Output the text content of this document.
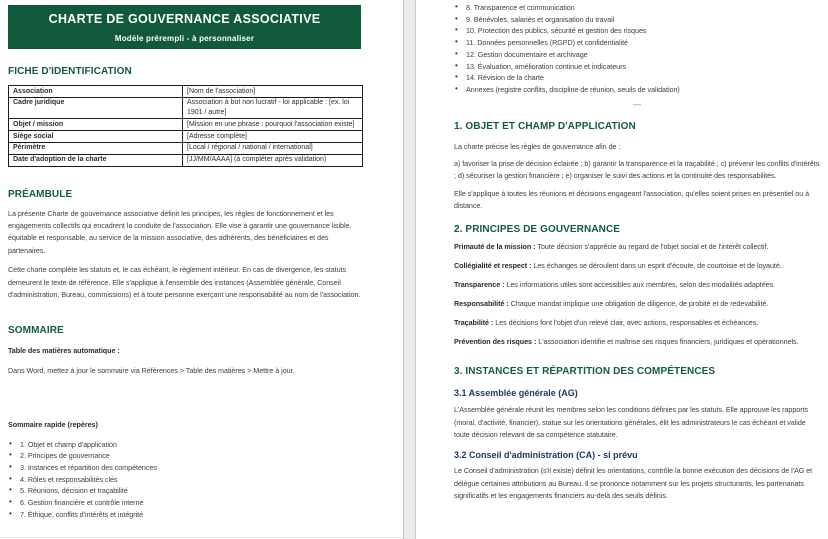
CHARTE DE GOUVERNANCE ASSOCIATIVE
Modèle prérempli - à personnaliser
FICHE D'IDENTIFICATION
Association	[Nom de l'association]
Cadre juridique	Association à but non lucratif - loi applicable : [ex. loi 1901 / autre]
Objet / mission	[Mission en une phrase : pourquoi l'association existe]
Siège social	[Adresse complète]
Périmètre	[Local / régional / national / international]
Date d'adoption de la charte	[JJ/MM/AAAA] (à compléter après validation)
PRÉAMBULE

La présente Charte de gouvernance associative définit les principes, les règles de fonctionnement et les engagements collectifs qui encadrent la conduite de l'association. Elle vise à garantir une gouvernance lisible, équitable et responsable, au service de la mission associative, des adhérents, des bénéficiaires et des partenaires.

Cette charte complète les statuts et, le cas échéant, le règlement intérieur. En cas de divergence, les statuts demeurent le texte de référence. Elle s'applique à l'ensemble des instances (Assemblée générale, Conseil d'administration, Bureau, commissions) et à toute personne exerçant une responsabilité au nom de l'association.

SOMMAIRE

Table des matières automatique :

Dans Word, mettez à jour le sommaire via Références > Table des matières > Mettre à jour.

Sommaire rapide (repères)

• 1. Objet et champ d'application
• 2. Principes de gouvernance
• 3. Instances et répartition des compétences
• 4. Rôles et responsabilités clés
• 5. Réunions, décision et traçabilité
• 6. Gestion financière et contrôle interne
• 7. Éthique, conflits d'intérêts et intégrité
• 8. Transparence et communication
• 9. Bénévoles, salariés et organisation du travail
• 10. Protection des publics, sécurité et gestion des risques
• 11. Données personnelles (RGPD) et confidentialité
• 12. Gestion documentaire et archivage
• 13. Évaluation, amélioration continue et indicateurs
• 14. Révision de la charte
• Annexes (registre conflits, discipline de réunion, seuils de validation)
—
1. OBJET ET CHAMP D'APPLICATION

La charte précise les règles de gouvernance afin de :

a) favoriser la prise de décision éclairée ; b) garantir la transparence et la traçabilité ; c) prévenir les conflits d'intérêts ; d) sécuriser la gestion financière ; e) organiser le suivi des actions et la continuité des responsabilités.

Elle s'applique à toutes les réunions et décisions engageant l'association, qu'elles soient prises en présentiel ou à distance.

2. PRINCIPES DE GOUVERNANCE

Primauté de la mission : Toute décision s'apprécie au regard de l'objet social et de l'intérêt collectif.

Collégialité et respect : Les échanges se déroulent dans un esprit d'écoute, de courtoisie et de loyauté.

Transparence : Les informations utiles sont accessibles aux membres, selon des modalités adaptées.

Responsabilité : Chaque mandat implique une obligation de diligence, de probité et de redevabilité.

Traçabilité : Les décisions font l'objet d'un relevé clair, avec actions, responsables et échéances.

Prévention des risques : L'association identifie et maîtrise ses risques financiers, juridiques et opérationnels.

3. INSTANCES ET RÉPARTITION DES COMPÉTENCES
3.1 Assemblée générale (AG)

L'Assemblée générale réunit les membres selon les conditions définies par les statuts. Elle approuve les rapports (moral, d'activité, financier), statue sur les orientations générales, élit les administrateurs le cas échéant et valide toute décision relevant de sa compétence statutaire.

3.2 Conseil d'administration (CA) - si prévu

Le Conseil d'administration (s'il existe) définit les orientations, contrôle la bonne exécution des décisions de l'AG et délègue certaines attributions au Bureau. Il se prononce notamment sur les projets structurants, les partenariats significatifs et les engagements financiers au-delà des seuils définis.
